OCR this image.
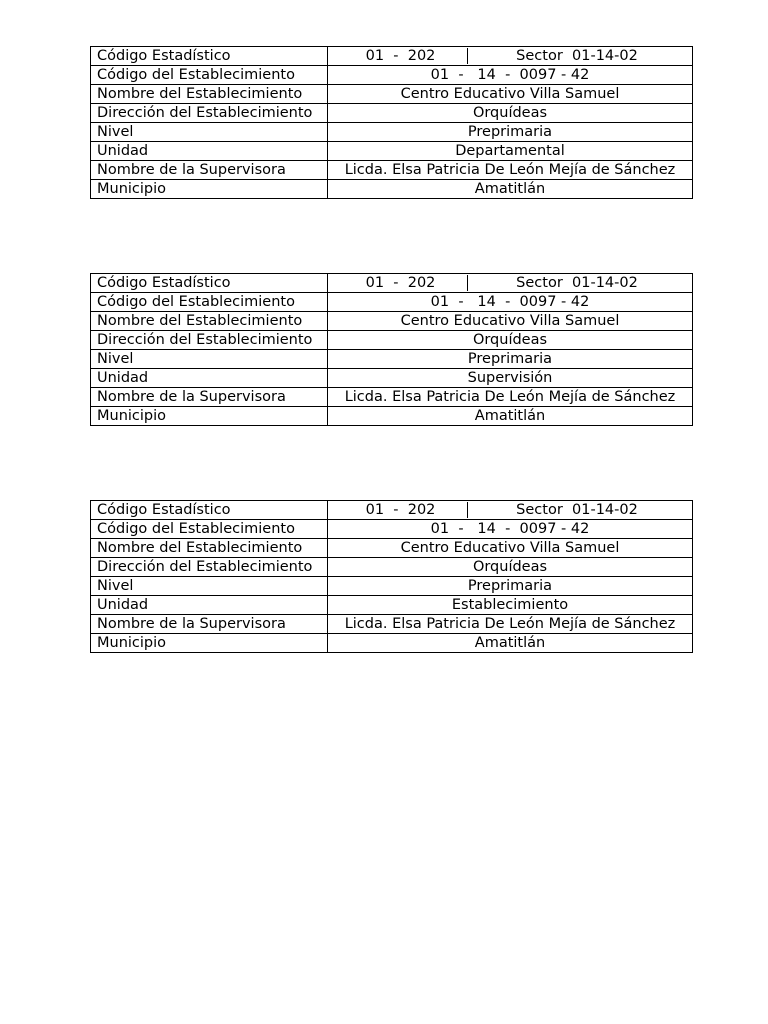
Código Estadístico	01  -  202 Sector  01-14-02

Código del Establecimiento	01  -   14  -  0097 - 42
Nombre del Establecimiento	Centro Educativo Villa Samuel

Dirección del Establecimiento	Orquídeas
Nivel	Preprimaria
Unidad	Departamental
Nombre de la Supervisora	Licda. Elsa Patricia De León Mejía de Sánchez
Municipio	Amatitlán
Código Estadístico	01  -  202 Sector  01-14-02

Código del Establecimiento	01  -   14  -  0097 - 42
Nombre del Establecimiento	Centro Educativo Villa Samuel

Dirección del Establecimiento	Orquídeas
Nivel	Preprimaria
Unidad	Supervisión
Nombre de la Supervisora	Licda. Elsa Patricia De León Mejía de Sánchez
Municipio	Amatitlán
Código Estadístico	01  -  202 Sector  01-14-02

Código del Establecimiento	01  -   14  -  0097 - 42
Nombre del Establecimiento	Centro Educativo Villa Samuel

Dirección del Establecimiento	Orquídeas
Nivel	Preprimaria
Unidad	Establecimiento
Nombre de la Supervisora	Licda. Elsa Patricia De León Mejía de Sánchez
Municipio	Amatitlán
